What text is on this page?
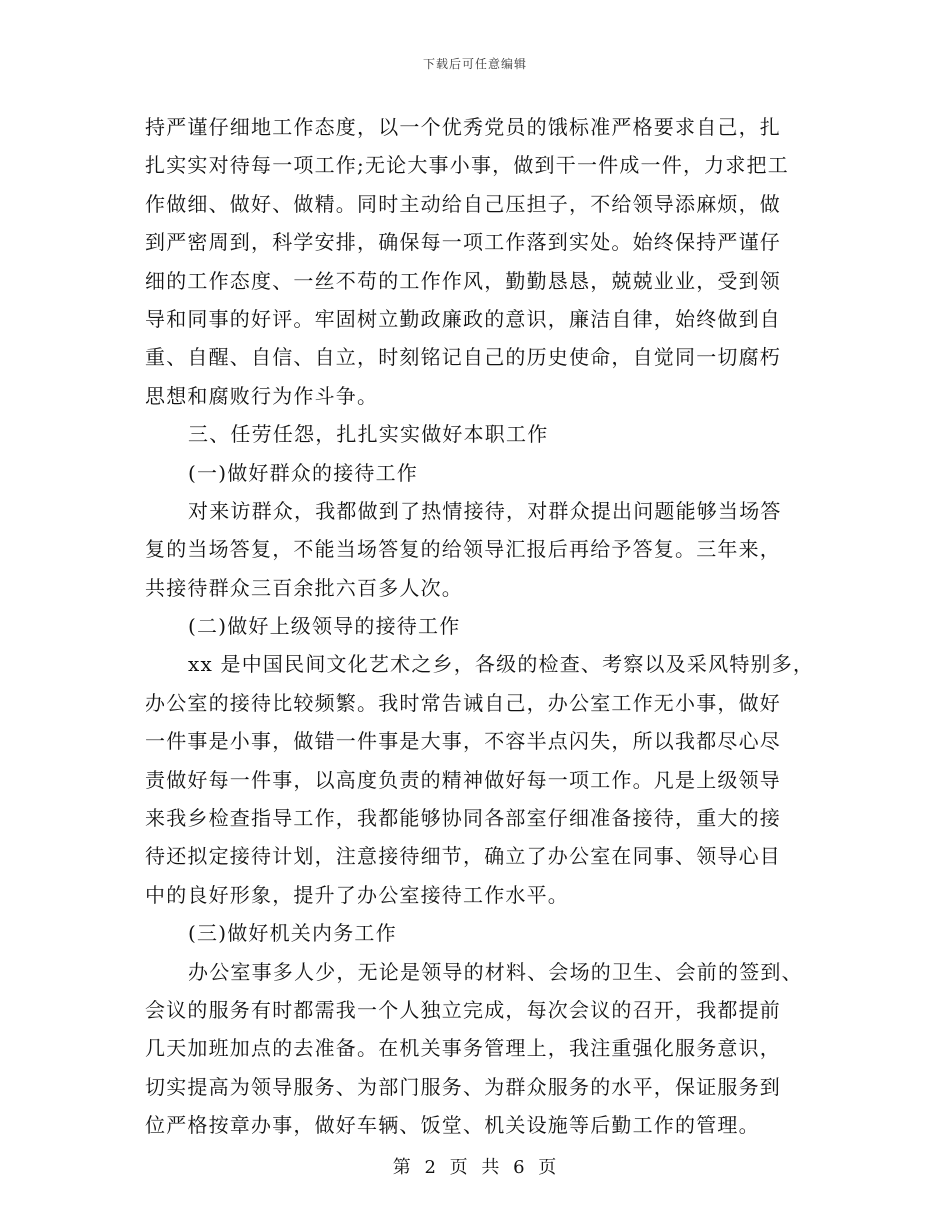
下载后可任意编辑
持严谨仔细地工作态度，以一个优秀党员的饿标准严格要求自己，扎
扎实实对待每一项工作;无论大事小事，做到干一件成一件，力求把工
作做细、做好、做精。同时主动给自己压担子，不给领导添麻烦，做
到严密周到，科学安排，确保每一项工作落到实处。始终保持严谨仔
细的工作态度、一丝不苟的工作作风，勤勤恳恳，兢兢业业，受到领
导和同事的好评。牢固树立勤政廉政的意识，廉洁自律，始终做到自
重、自醒、自信、自立，时刻铭记自己的历史使命，自觉同一切腐朽
思想和腐败行为作斗争。
三、任劳任怨，扎扎实实做好本职工作
(一)做好群众的接待工作
对来访群众，我都做到了热情接待，对群众提出问题能够当场答
复的当场答复，不能当场答复的给领导汇报后再给予答复。三年来，
共接待群众三百余批六百多人次。
(二)做好上级领导的接待工作
xx 是中国民间文化艺术之乡，各级的检查、考察以及采风特别多，
办公室的接待比较频繁。我时常告诫自己，办公室工作无小事，做好
一件事是小事，做错一件事是大事，不容半点闪失，所以我都尽心尽
责做好每一件事，以高度负责的精神做好每一项工作。凡是上级领导
来我乡检查指导工作，我都能够协同各部室仔细准备接待，重大的接
待还拟定接待计划，注意接待细节，确立了办公室在同事、领导心目
中的良好形象，提升了办公室接待工作水平。
(三)做好机关内务工作
办公室事多人少，无论是领导的材料、会场的卫生、会前的签到、
会议的服务有时都需我一个人独立完成，每次会议的召开，我都提前
几天加班加点的去准备。在机关事务管理上，我注重强化服务意识，
切实提高为领导服务、为部门服务、为群众服务的水平，保证服务到
位严格按章办事，做好车辆、饭堂、机关设施等后勤工作的管理。
第 2 页 共 6 页
